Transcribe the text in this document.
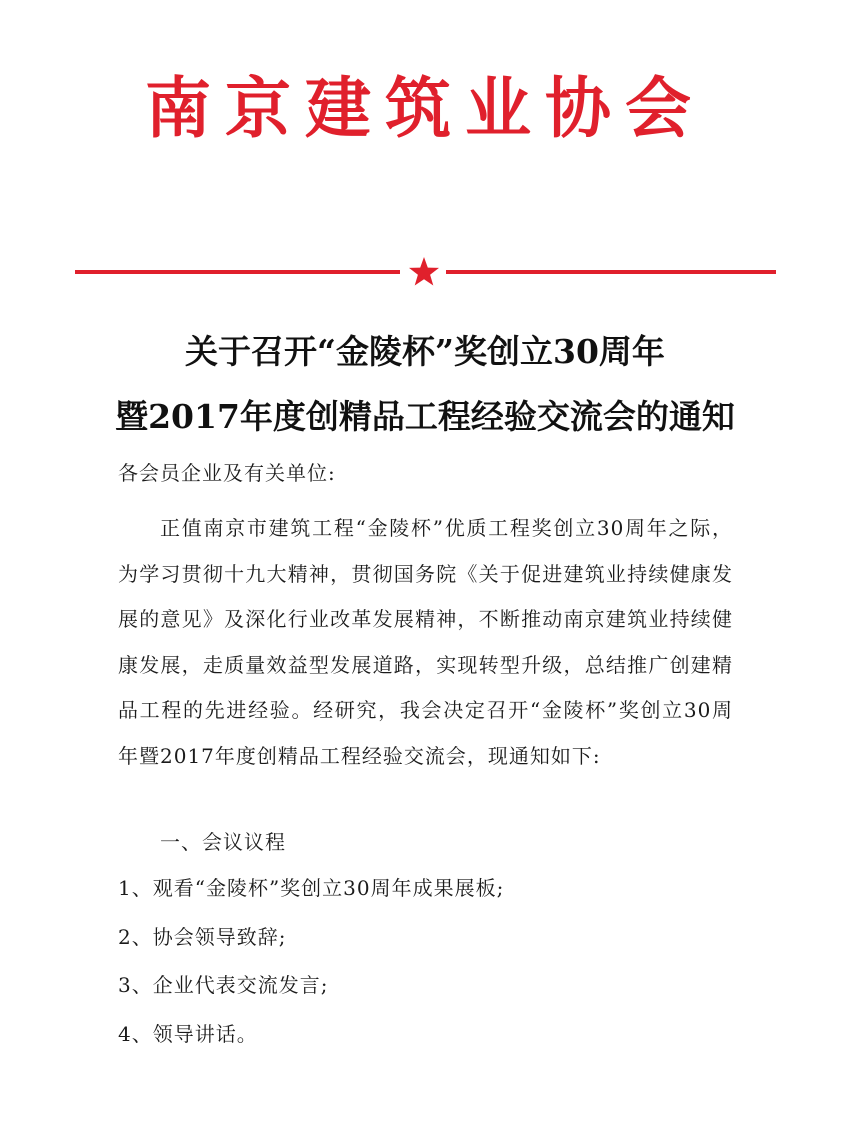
南京建筑业协会
关于召开“金陵杯”奖创立30周年
暨2017年度创精品工程经验交流会的通知
各会员企业及有关单位:

正值南京市建筑工程“金陵杯”优质工程奖创立30周年之际，为学习贯彻十九大精神，贯彻国务院《关于促进建筑业持续健康发展的意见》及深化行业改革发展精神，不断推动南京建筑业持续健康发展，走质量效益型发展道路，实现转型升级，总结推广创建精品工程的先进经验。经研究，我会决定召开“金陵杯”奖创立30周年暨2017年度创精品工程经验交流会，现通知如下:

一、会议议程
1、观看“金陵杯”奖创立30周年成果展板;
2、协会领导致辞;
3、企业代表交流发言;
4、领导讲话。
